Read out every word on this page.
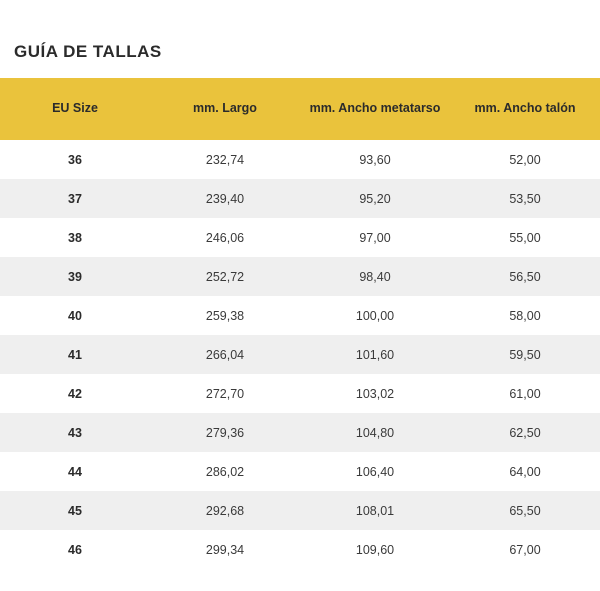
GUÍA DE TALLAS
EU Size	mm. Largo	mm. Ancho metatarso	mm. Ancho talón
36	232,74	93,60	52,00
37	239,40	95,20	53,50
38	246,06	97,00	55,00
39	252,72	98,40	56,50
40	259,38	100,00	58,00
41	266,04	101,60	59,50
42	272,70	103,02	61,00
43	279,36	104,80	62,50
44	286,02	106,40	64,00
45	292,68	108,01	65,50
46	299,34	109,60	67,00
